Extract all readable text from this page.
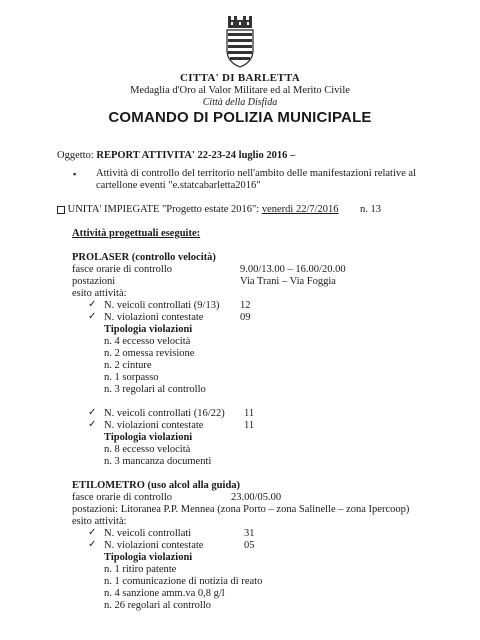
CITTA' DI BARLETTA
Medaglia d'Oro al Valor Militare ed al Merito Civile
Città della Disfida
COMANDO DI POLIZIA MUNICIPALE
Oggetto: REPORT ATTIVITA' 22-23-24 luglio 2016 –
▪ Attività di controllo del territorio nell'ambito delle manifestazioni relative al
cartellone eventi "e.statcabarletta2016"
UNITA' IMPIEGATE "Progetto estate 2016": venerdì 22/7/2016 n. 13
Attività progettuali eseguite:
PROLASER (controllo velocità)
fasce orarie di controllo	9.00/13.00 – 16.00/20.00
postazioni	Via Trani – Via Foggia
esito attività:
✓ N. veicoli controllati (9/13) 12
✓ N. violazioni contestate	09
Tipologia violazioni
n. 4 eccesso velocità
n. 2 omessa revisione
n. 2 cinture
n. 1 sorpasso
n. 3 regolari al controllo
✓ N. veicoli controllati (16/22) 11
✓ N. violazioni contestate	11
Tipologia violazioni
n. 8 eccesso velocità
n. 3 mancanza documenti
ETILOMETRO (uso alcol alla guida)
fasce orarie di controllo	23.00/05.00
postazioni: Litoranea P.P. Mennea (zona Porto – zona Salinelle – zona Ipercoop)
esito attività:
✓ N. veicoli controllati	31
✓ N. violazioni contestate	05
Tipologia violazioni
n. 1 ritiro patente
n. 1 comunicazione di notizia di reato
n. 4 sanzione amm.va 0,8 g/l
n. 26 regolari al controllo
